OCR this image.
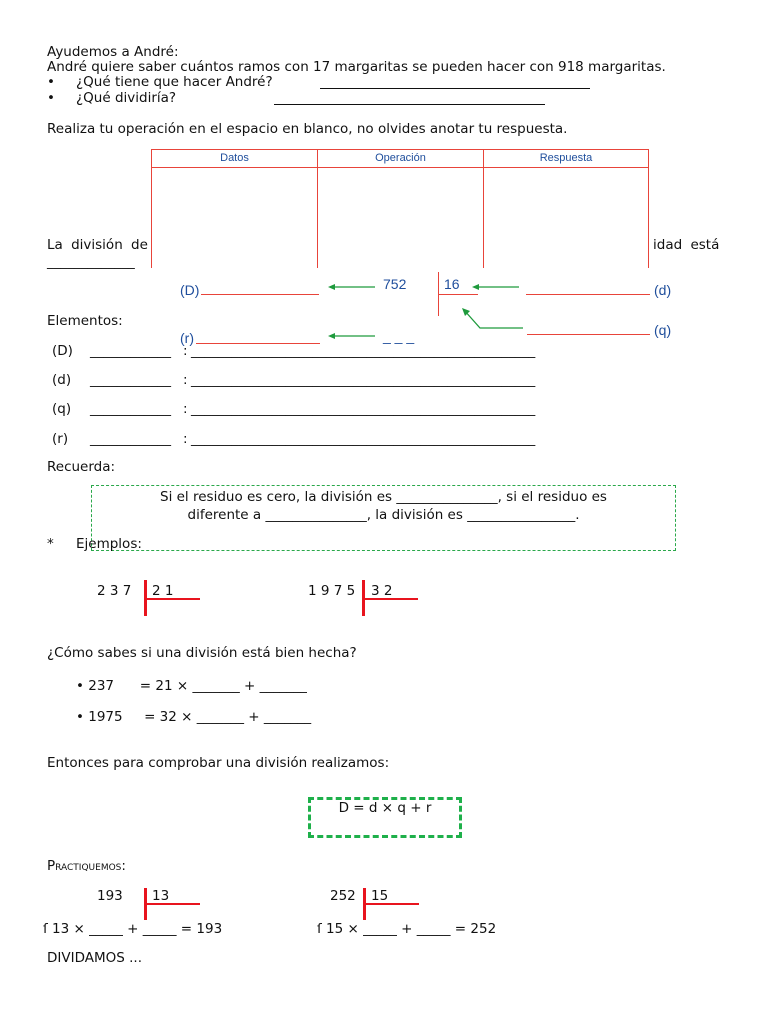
Ayudemos a André:
André quiere saber cuántos ramos con 17 margaritas se pueden hacer con 918 margaritas.
• ¿Qué tiene que hacer André?
• ¿Qué dividiría?
Realiza tu operación en el espacio en blanco, no olvides anotar tu respuesta.
Datos	Operación	Respuesta
La división de	idad está
_____________
(D)	752	16	(d)
(q)
(r)	_ _ _
Elementos:
(D) ____________ : ___________________________________________________
(d) ____________ : ___________________________________________________
(q) ____________ : ___________________________________________________
(r) ____________ : ___________________________________________________
Recuerda:
Si el residuo es cero, la división es _______________, si el residuo es
diferente a _______________, la división es ________________.
* Ejemplos:
2 3 7 2 1	1 9 7 5 3 2
¿Cómo sabes si una división está bien hecha?
• 237      = 21 × _______ + _______
• 1975     = 32 × _______ + _______
Entonces para comprobar una división realizamos:
D = d × q + r
Practiquemos:
193 13	252 15
ſ 13 × _____ + _____ = 193	ſ 15 × _____ + _____ = 252
DIVIDAMOS ...
